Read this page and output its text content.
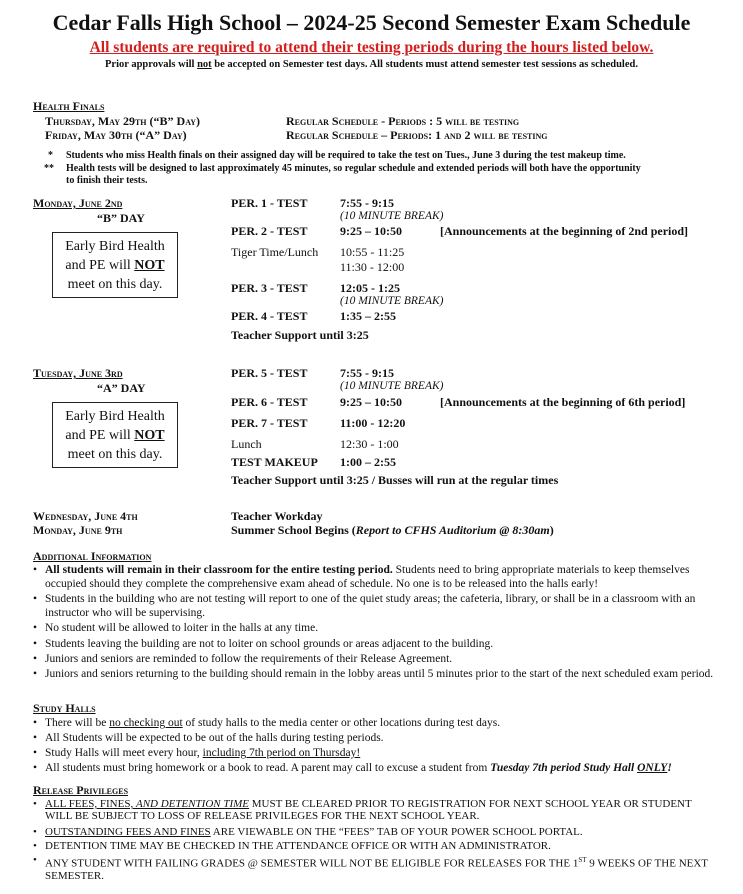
Cedar Falls High School – 2024-25 Second Semester Exam Schedule
All students are required to attend their testing periods during the hours listed below.
Prior approvals will not be accepted on Semester test days. All students must attend semester test sessions as scheduled.
Health Finals
Thursday, May 29th (“B” Day)	Regular Schedule - Periods : 5 will be testing
Friday, May 30th (“A” Day)	Regular Schedule – Periods: 1 and 2 will be testing
* Students who miss Health finals on their assigned day will be required to take the test on Tues., June 3 during the test makeup time.
** Health tests will be designed to last approximately 45 minutes, so regular schedule and extended periods will both have the opportunity
to finish their tests.
Monday, June 2nd
“B” DAY
Early Bird Health
and PE will NOT
meet on this day.
PER. 1 - TEST	7:55 - 9:15
(10 MINUTE BREAK)
PER. 2 - TEST	9:25 – 10:50	[Announcements at the beginning of 2nd period]
Tiger Time/Lunch 10:55 - 11:25
11:30 - 12:00
PER. 3 - TEST	12:05 - 1:25
(10 MINUTE BREAK)
PER. 4 - TEST	1:35 – 2:55
Teacher Support until 3:25
Tuesday, June 3rd
“A” DAY
Early Bird Health
and PE will NOT
meet on this day.
PER. 5 - TEST	7:55 - 9:15
(10 MINUTE BREAK)
PER. 6 - TEST	9:25 – 10:50	[Announcements at the beginning of 6th period]
PER. 7 - TEST	11:00 - 12:20
Lunch	12:30 - 1:00
TEST MAKEUP 1:00 – 2:55
Teacher Support until 3:25 / Busses will run at the regular times
Wednesday, June 4th	Teacher Workday
Monday, June 9th	Summer School Begins (Report to CFHS Auditorium @ 8:30am)
Additional Information
• All students will remain in their classroom for the entire testing period. Students need to bring appropriate materials to keep themselves occupied should they complete the comprehensive exam ahead of schedule. No one is to be released into the halls early!
• Students in the building who are not testing will report to one of the quiet study areas; the cafeteria, library, or shall be in a classroom with an instructor who will be supervising.
• No student will be allowed to loiter in the halls at any time.
• Students leaving the building are not to loiter on school grounds or areas adjacent to the building.
• Juniors and seniors are reminded to follow the requirements of their Release Agreement.
• Juniors and seniors returning to the building should remain in the lobby areas until 5 minutes prior to the start of the next scheduled exam period.
Study Halls
• There will be no checking out of study halls to the media center or other locations during test days.
• All Students will be expected to be out of the halls during testing periods.
• Study Halls will meet every hour, including 7th period on Thursday!
• All students must bring homework or a book to read. A parent may call to excuse a student from Tuesday 7th period Study Hall ONLY!
Release Privileges
• ALL FEES, FINES, AND DETENTION TIME MUST BE CLEARED PRIOR TO REGISTRATION FOR NEXT SCHOOL YEAR OR STUDENT WILL BE SUBJECT TO LOSS OF RELEASE PRIVILEGES FOR THE NEXT SCHOOL YEAR.
• OUTSTANDING FEES AND FINES ARE VIEWABLE ON THE “FEES” TAB OF YOUR POWER SCHOOL PORTAL.
• DETENTION TIME MAY BE CHECKED IN THE ATTENDANCE OFFICE OR WITH AN ADMINISTRATOR.
• ANY STUDENT WITH FAILING GRADES @ SEMESTER WILL NOT BE ELIGIBLE FOR RELEASES FOR THE 1ST 9 WEEKS OF THE NEXT SEMESTER.
